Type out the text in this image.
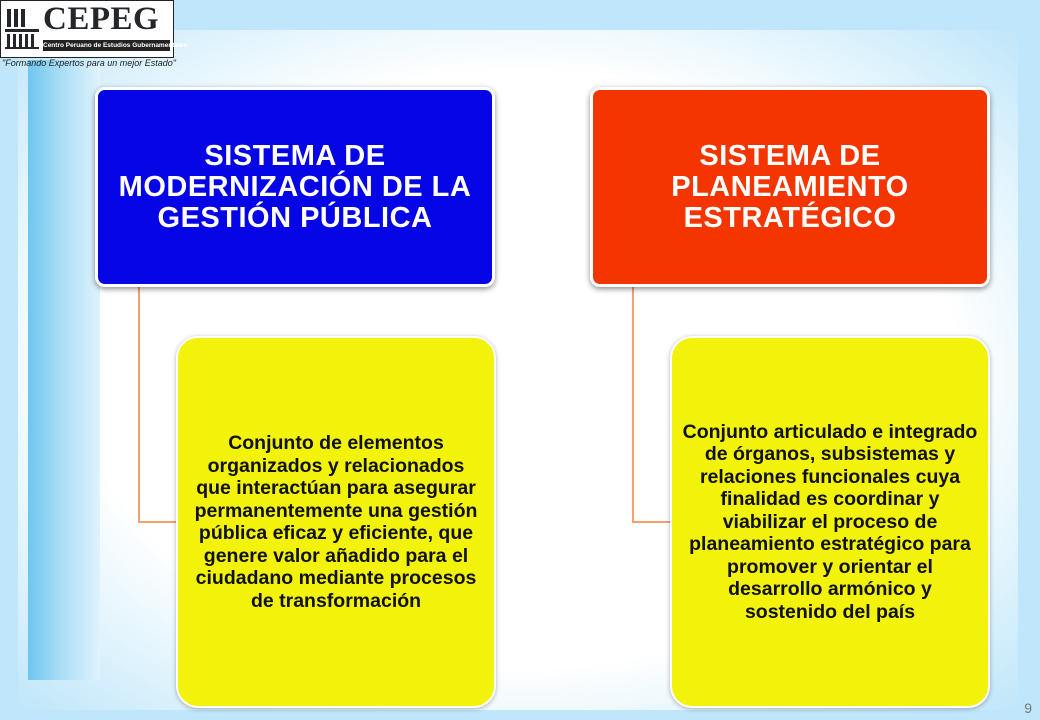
CEPEG
Centro Peruano de Estudios Gubernamentales
"Formando Expertos para un mejor Estado"
SISTEMA DE MODERNIZACIÓN DE LA GESTIÓN PÚBLICA
SISTEMA DE PLANEAMIENTO ESTRATÉGICO
Conjunto de elementos organizados y relacionados que interactúan para asegurar permanentemente una gestión pública eficaz y eficiente, que genere valor añadido para el ciudadano mediante procesos de transformación
Conjunto articulado e integrado de órganos, subsistemas y relaciones funcionales cuya finalidad es coordinar y viabilizar el proceso de planeamiento estratégico para promover y orientar el desarrollo armónico y sostenido del país
9
